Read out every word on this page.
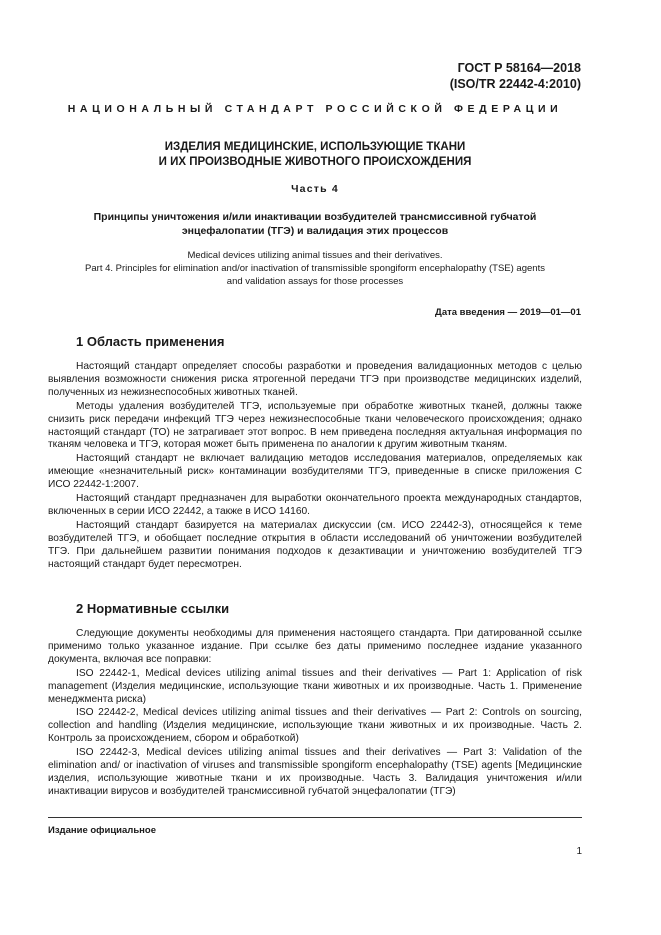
ГОСТ Р 58164—2018
(ISO/TR 22442-4:2010)
НАЦИОНАЛЬНЫЙ СТАНДАРТ РОССИЙСКОЙ ФЕДЕРАЦИИ
ИЗДЕЛИЯ МЕДИЦИНСКИЕ, ИСПОЛЬЗУЮЩИЕ ТКАНИ
И ИХ ПРОИЗВОДНЫЕ ЖИВОТНОГО ПРОИСХОЖДЕНИЯ
Часть 4
Принципы уничтожения и/или инактивации возбудителей трансмиссивной губчатой
энцефалопатии (ТГЭ) и валидация этих процессов
Medical devices utilizing animal tissues and their derivatives.
Part 4. Principles for elimination and/or inactivation of transmissible spongiform encephalopathy (TSE) agents
and validation assays for those processes
Дата введения — 2019—01—01
1 Область применения

Настоящий стандарт определяет способы разработки и проведения валидационных методов с целью выявления возможности снижения риска ятрогенной передачи ТГЭ при производстве медицинских изделий, полученных из нежизнеспособных животных тканей.

Методы удаления возбудителей ТГЭ, используемые при обработке животных тканей, должны также снизить риск передачи инфекций ТГЭ через нежизнеспособные ткани человеческого происхождения; однако настоящий стандарт (ТО) не затрагивает этот вопрос. В нем приведена последняя актуальная информация по тканям человека и ТГЭ, которая может быть применена по аналогии к другим животным тканям.

Настоящий стандарт не включает валидацию методов исследования материалов, определяемых как имеющие «незначительный риск» контаминации возбудителями ТГЭ, приведенные в списке приложения С ИСО 22442-1:2007.

Настоящий стандарт предназначен для выработки окончательного проекта международных стандартов, включенных в серии ИСО 22442, а также в ИСО 14160.

Настоящий стандарт базируется на материалах дискуссии (см. ИСО 22442-3), относящейся к теме возбудителей ТГЭ, и обобщает последние открытия в области исследований об уничтожении возбудителей ТГЭ. При дальнейшем развитии понимания подходов к дезактивации и уничтожению возбудителей ТГЭ настоящий стандарт будет пересмотрен.

2 Нормативные ссылки

Следующие документы необходимы для применения настоящего стандарта. При датированной ссылке применимо только указанное издание. При ссылке без даты применимо последнее издание указанного документа, включая все поправки:

ISO 22442-1, Medical devices utilizing animal tissues and their derivatives — Part 1: Application of risk management (Изделия медицинские, использующие ткани животных и их производные. Часть 1. Применение менеджмента риска)

ISO 22442-2, Medical devices utilizing animal tissues and their derivatives — Part 2: Controls on sourcing, collection and handling (Изделия медицинские, использующие ткани животных и их производные. Часть 2. Контроль за происхождением, сбором и обработкой)

ISO 22442-3, Medical devices utilizing animal tissues and their derivatives — Part 3: Validation of the elimination and/ or inactivation of viruses and transmissible spongiform encephalopathy (TSE) agents [Медицинские изделия, использующие животные ткани и их производные. Часть 3. Валидация уничтожения и/или инактивации вирусов и возбудителей трансмиссивной губчатой энцефалопатии (ТГЭ)

Издание официальное
1
